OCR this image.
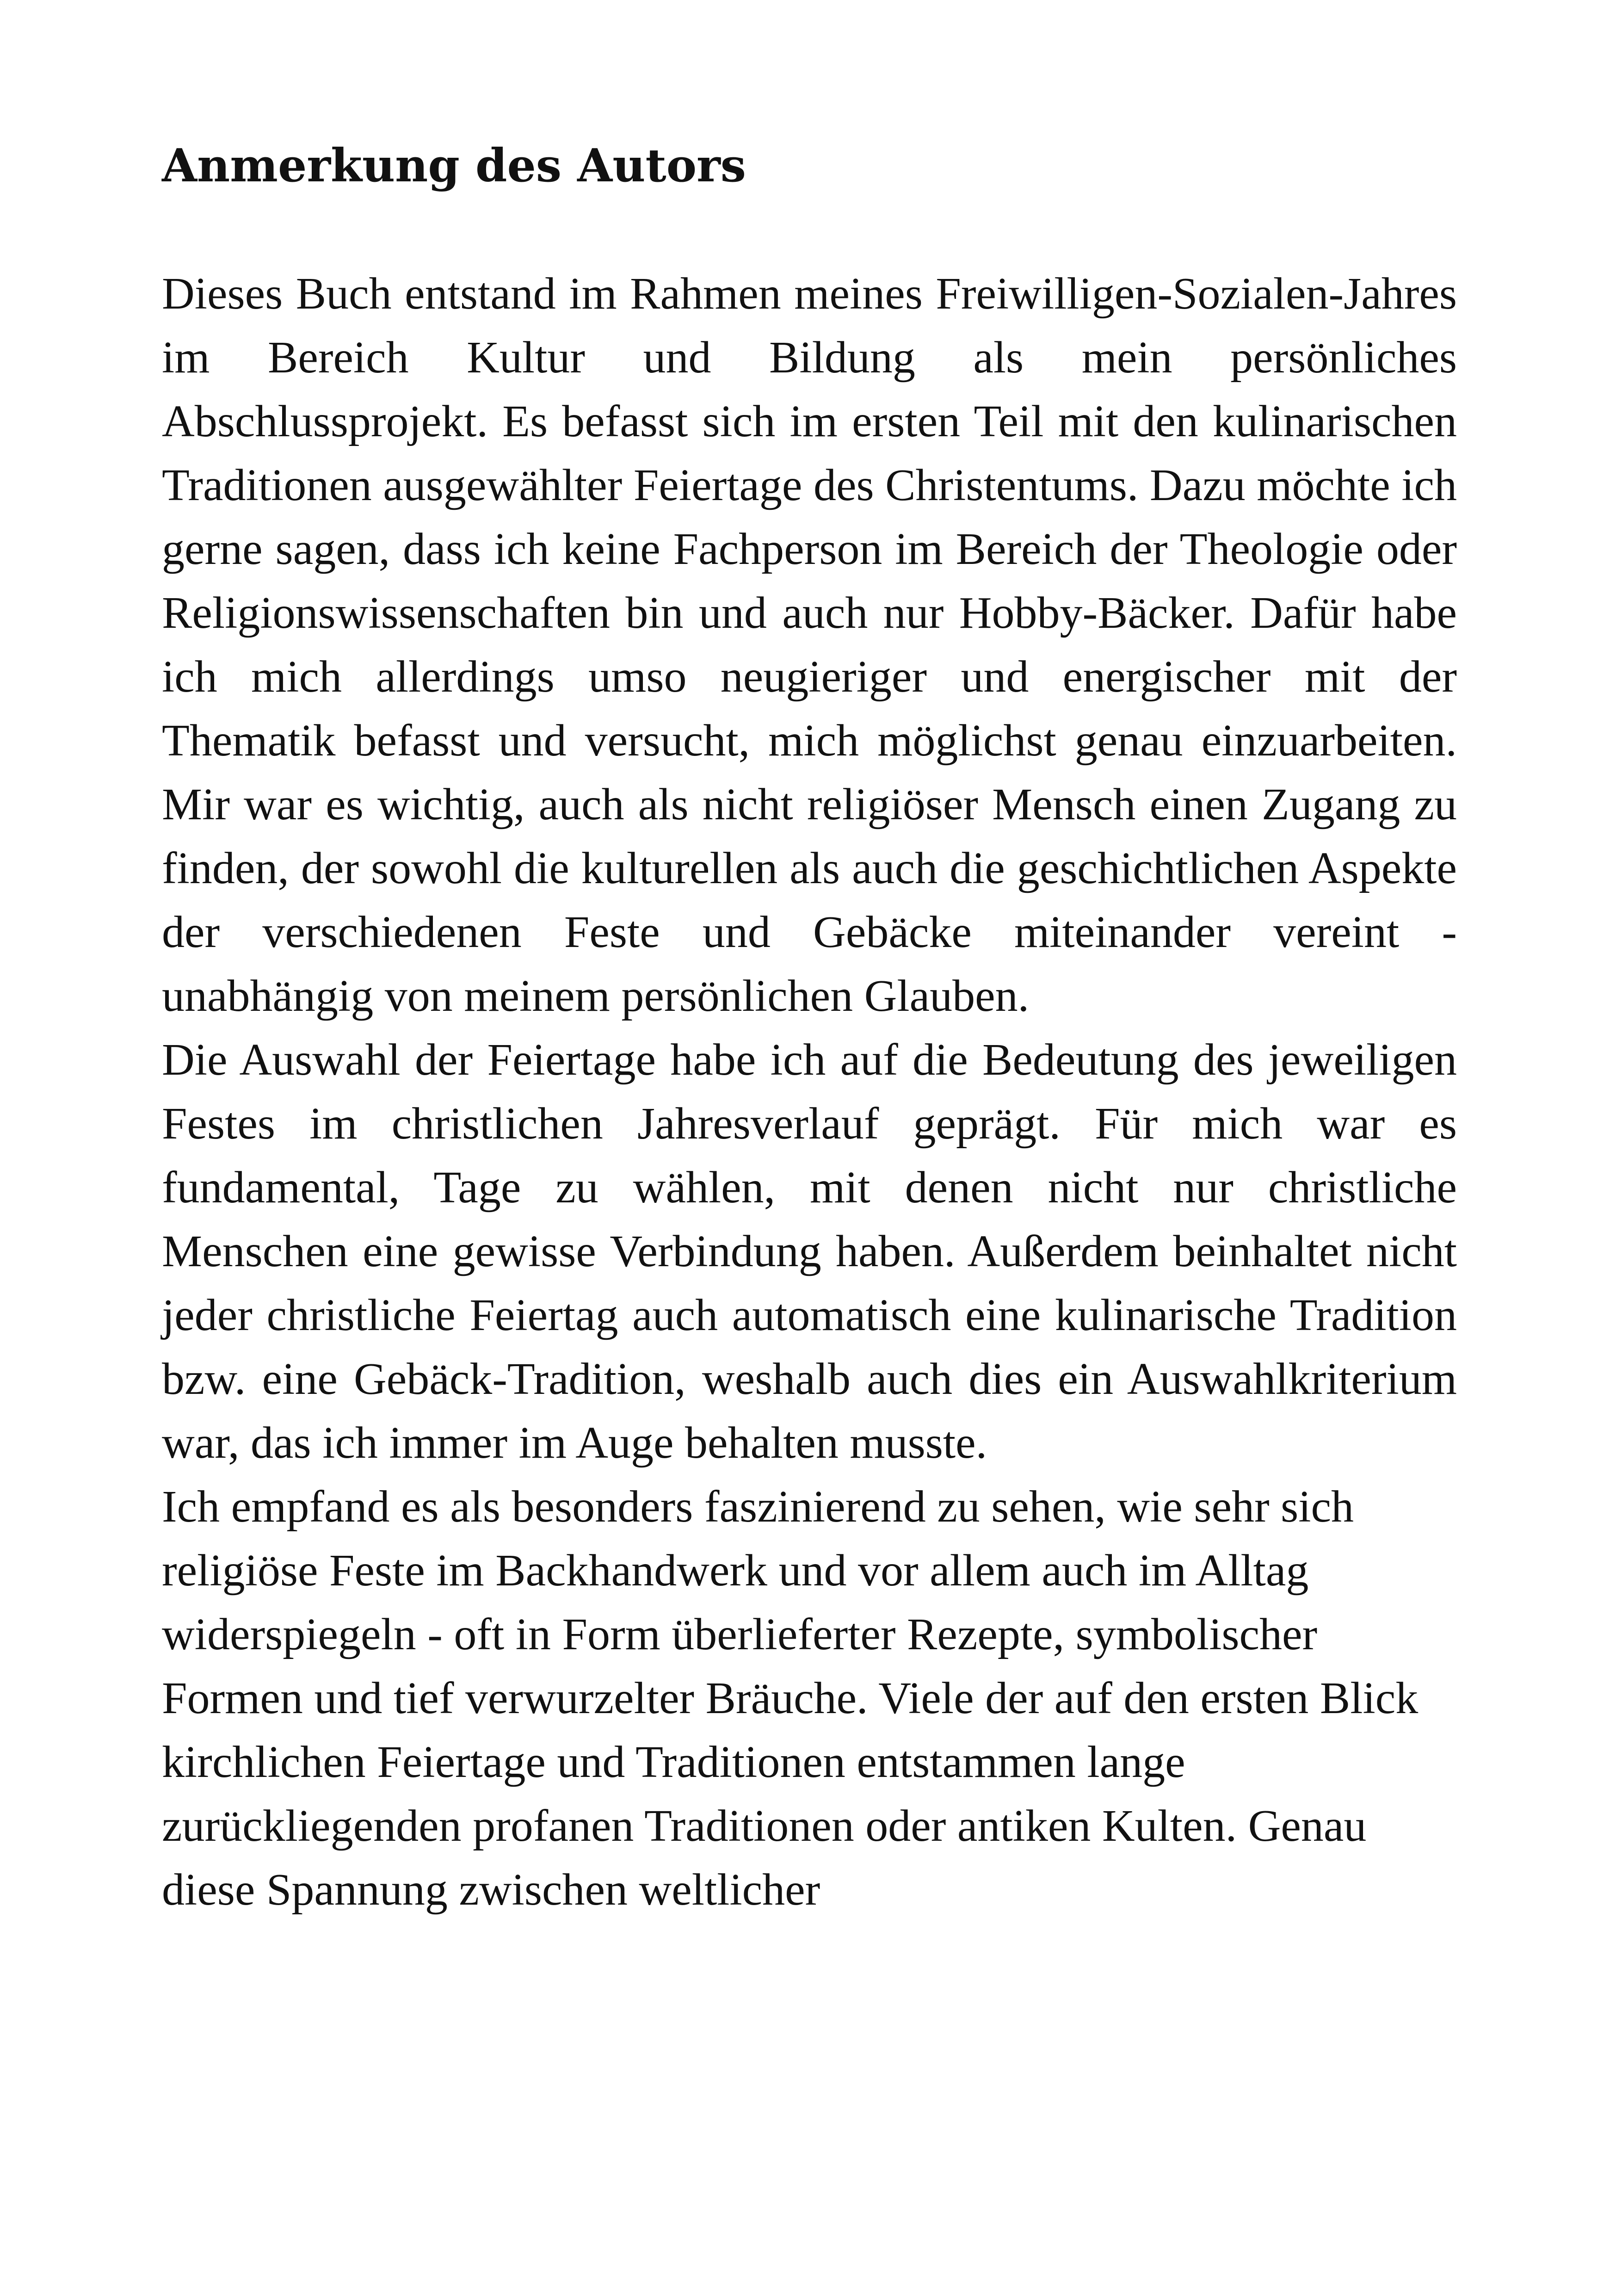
Anmerkung des Autors

Dieses Buch entstand im Rahmen meines Freiwilligen-Sozialen-Jahres im Bereich Kultur und Bildung als mein persönliches Abschlussprojekt. Es befasst sich im ersten Teil mit den kulinarischen Traditionen ausgewählter Feiertage des Christentums. Dazu möchte ich gerne sagen, dass ich keine Fachperson im Bereich der Theologie oder Religionswissenschaften bin und auch nur Hobby-Bäcker. Dafür habe ich mich allerdings umso neugieriger und energischer mit der Thematik befasst und versucht, mich möglichst genau einzuarbeiten. Mir war es wichtig, auch als nicht religiöser Mensch einen Zugang zu finden, der sowohl die kulturellen als auch die geschichtlichen Aspekte der verschiedenen Feste und Gebäcke miteinander vereint - unabhängig von meinem persönlichen Glauben.

Die Auswahl der Feiertage habe ich auf die Bedeutung des jeweiligen Festes im christlichen Jahresverlauf geprägt. Für mich war es fundamental, Tage zu wählen, mit denen nicht nur christliche Menschen eine gewisse Verbindung haben. Außerdem beinhaltet nicht jeder christliche Feiertag auch automatisch eine kulinarische Tradition bzw. eine Gebäck-Tradition, weshalb auch dies ein Auswahlkriterium war, das ich immer im Auge behalten musste.

Ich empfand es als besonders faszinierend zu sehen, wie sehr sich religiöse Feste im Backhandwerk und vor allem auch im Alltag widerspiegeln - oft in Form überlieferter Rezepte, symbolischer Formen und tief verwurzelter Bräuche. Viele der auf den ersten Blick kirchlichen Feiertage und Traditionen entstammen lange zurückliegenden profanen Traditionen oder antiken Kulten. Genau diese Spannung zwischen weltlicher
